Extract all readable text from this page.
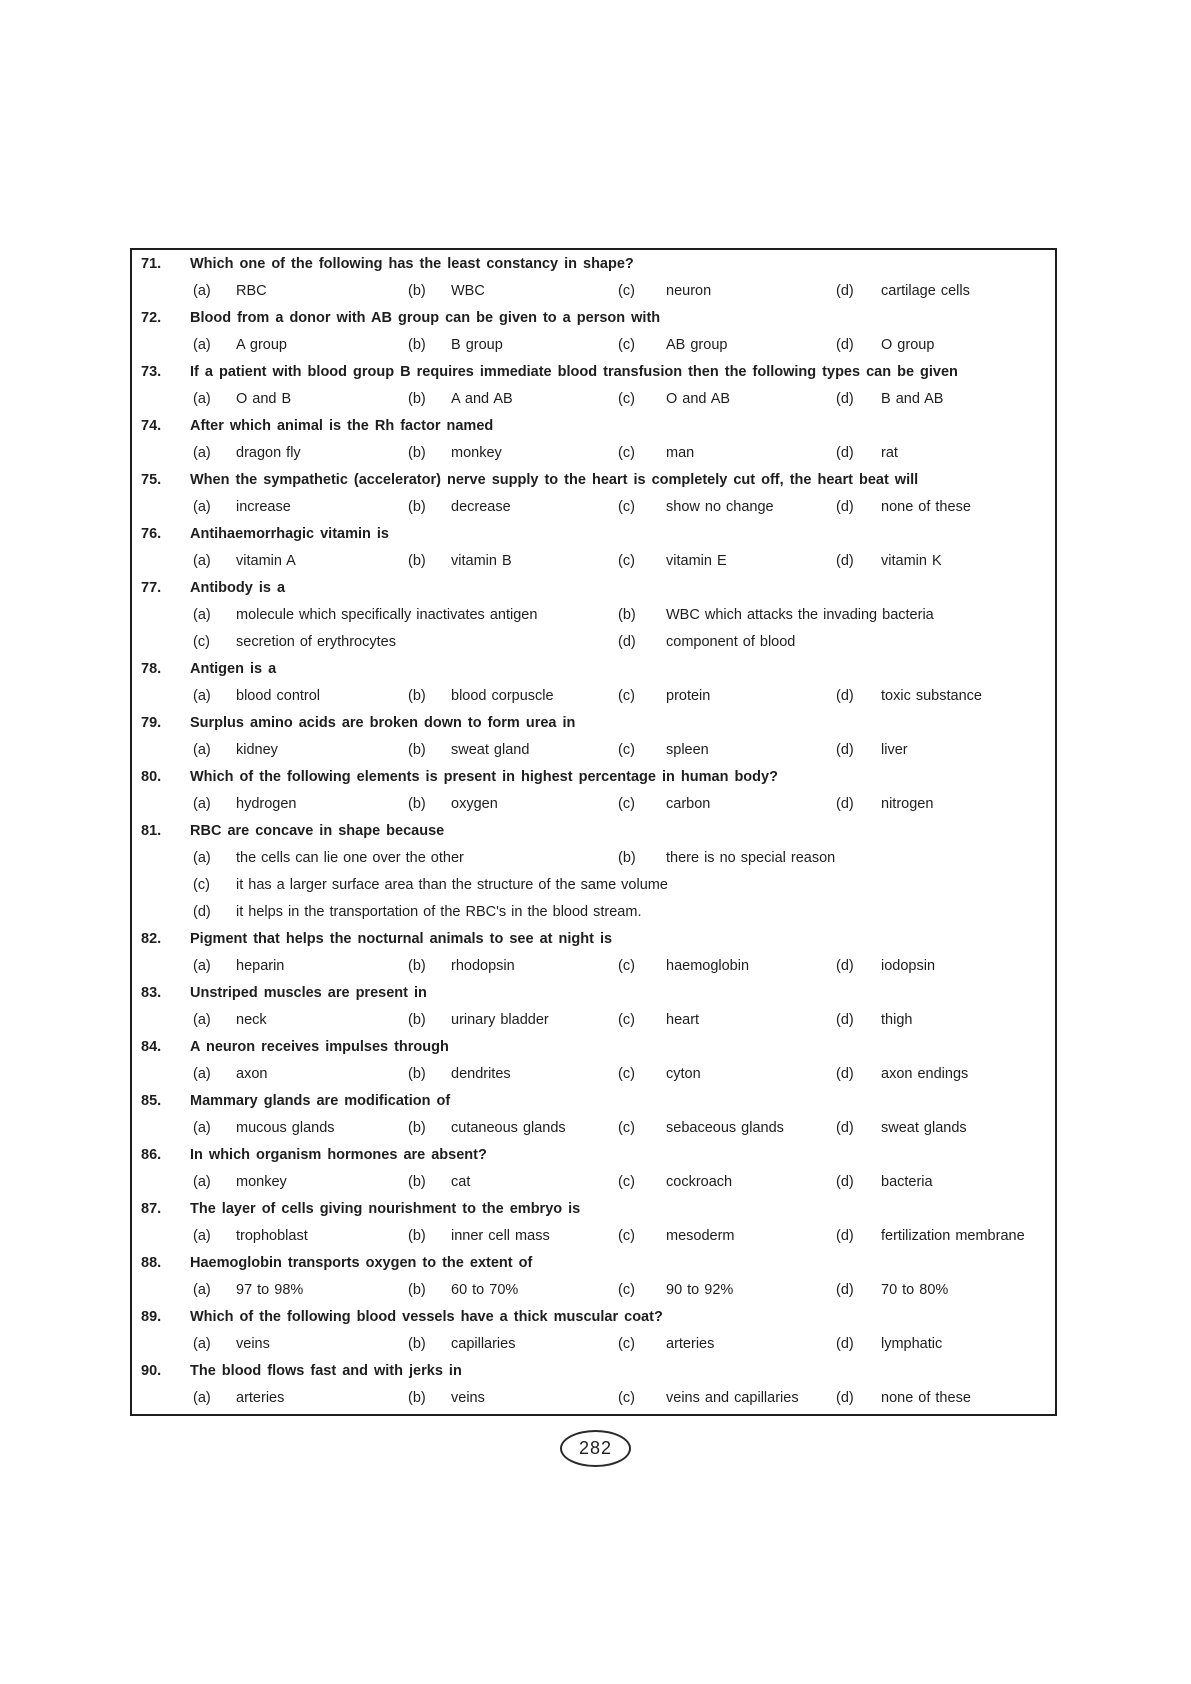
71. Which one of the following has the least constancy in shape?
(a) RBC	(b) WBC	(c) neuron	(d) cartilage cells
72. Blood from a donor with AB group can be given to a person with
(a) A group	(b) B group	(c) AB group	(d) O group
73. If a patient with blood group B requires immediate blood transfusion then the following types can be given
(a) O and B	(b) A and AB	(c) O and AB	(d) B and AB
74. After which animal is the Rh factor named
(a) dragon fly	(b) monkey	(c) man	(d) rat
75. When the sympathetic (accelerator) nerve supply to the heart is completely cut off, the heart beat will
(a) increase	(b) decrease	(c) show no change	(d) none of these
76. Antihaemorrhagic vitamin is
(a) vitamin A	(b) vitamin B	(c) vitamin E	(d) vitamin K
77. Antibody is a
(a) molecule which specifically inactivates antigen	(b) WBC which attacks the invading bacteria
(c) secretion of erythrocytes	(d) component of blood
78. Antigen is a
(a) blood control	(b) blood corpuscle	(c) protein	(d) toxic substance
79. Surplus amino acids are broken down to form urea in
(a) kidney	(b) sweat gland	(c) spleen	(d) liver
80. Which of the following elements is present in highest percentage in human body?
(a) hydrogen	(b) oxygen	(c) carbon	(d) nitrogen
81. RBC are concave in shape because
(a) the cells can lie one over the other	(b) there is no special reason
(c) it has a larger surface area than the structure of the same volume
(d) it helps in the transportation of the RBC's in the blood stream.
82. Pigment that helps the nocturnal animals to see at night is
(a) heparin	(b) rhodopsin	(c) haemoglobin	(d) iodopsin
83. Unstriped muscles are present in
(a) neck	(b) urinary bladder	(c) heart	(d) thigh
84. A neuron receives impulses through
(a) axon	(b) dendrites	(c) cyton	(d) axon endings
85. Mammary glands are modification of
(a) mucous glands	(b) cutaneous glands	(c) sebaceous glands	(d) sweat glands
86. In which organism hormones are absent?
(a) monkey	(b) cat	(c) cockroach	(d) bacteria
87. The layer of cells giving nourishment to the embryo is
(a) trophoblast	(b) inner cell mass	(c) mesoderm	(d) fertilization membrane
88. Haemoglobin transports oxygen to the extent of
(a) 97 to 98%	(b) 60 to 70%	(c) 90 to 92%	(d) 70 to 80%
89. Which of the following blood vessels have a thick muscular coat?
(a) veins	(b) capillaries	(c) arteries	(d) lymphatic
90. The blood flows fast and with jerks in
(a) arteries	(b) veins	(c) veins and capillaries	(d) none of these
282
